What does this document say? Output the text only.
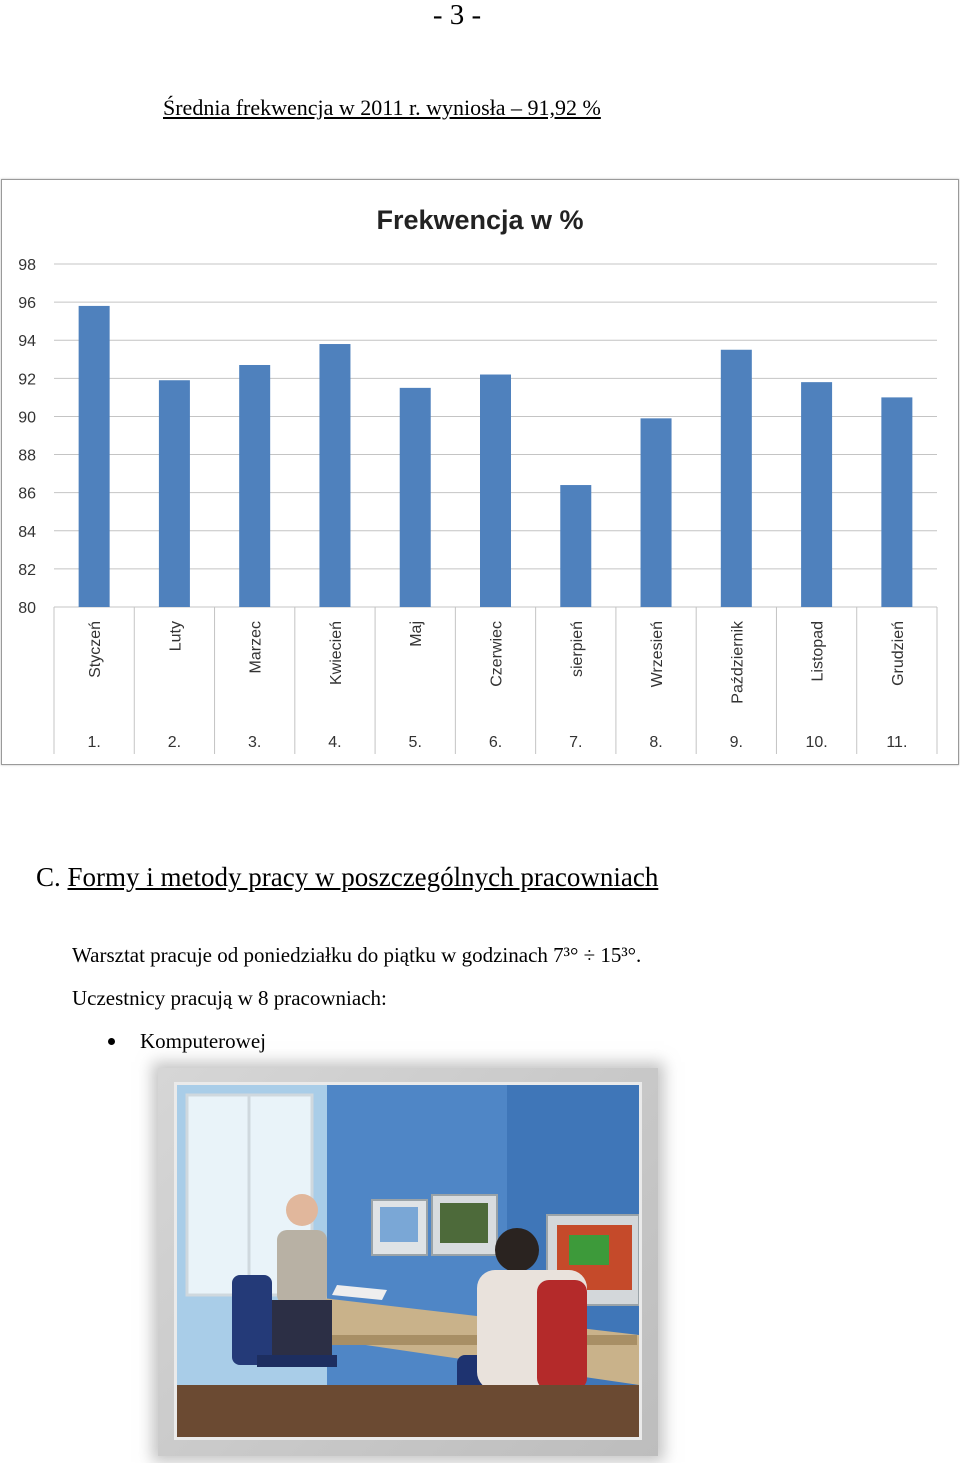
- 3 -
Średnia frekwencja w 2011 r. wyniosła – 91,92 %
Frekwencja w %
80
82
84
86
88
90
92
94
96
98
Styczeń
1.
Luty
2.
Marzec
3.
Kwiecień
4.
Maj
5.
Czerwiec
6.
sierpień
7.
Wrzesień
8.
Październik
9.
Listopad
10.
Grudzień
11.
C. Formy i metody pracy w poszczególnych pracowniach
Warsztat pracuje od poniedziałku do piątku w godzinach 7³° ÷ 15³°.
Uczestnicy pracują w 8 pracowniach:
Komputerowej
